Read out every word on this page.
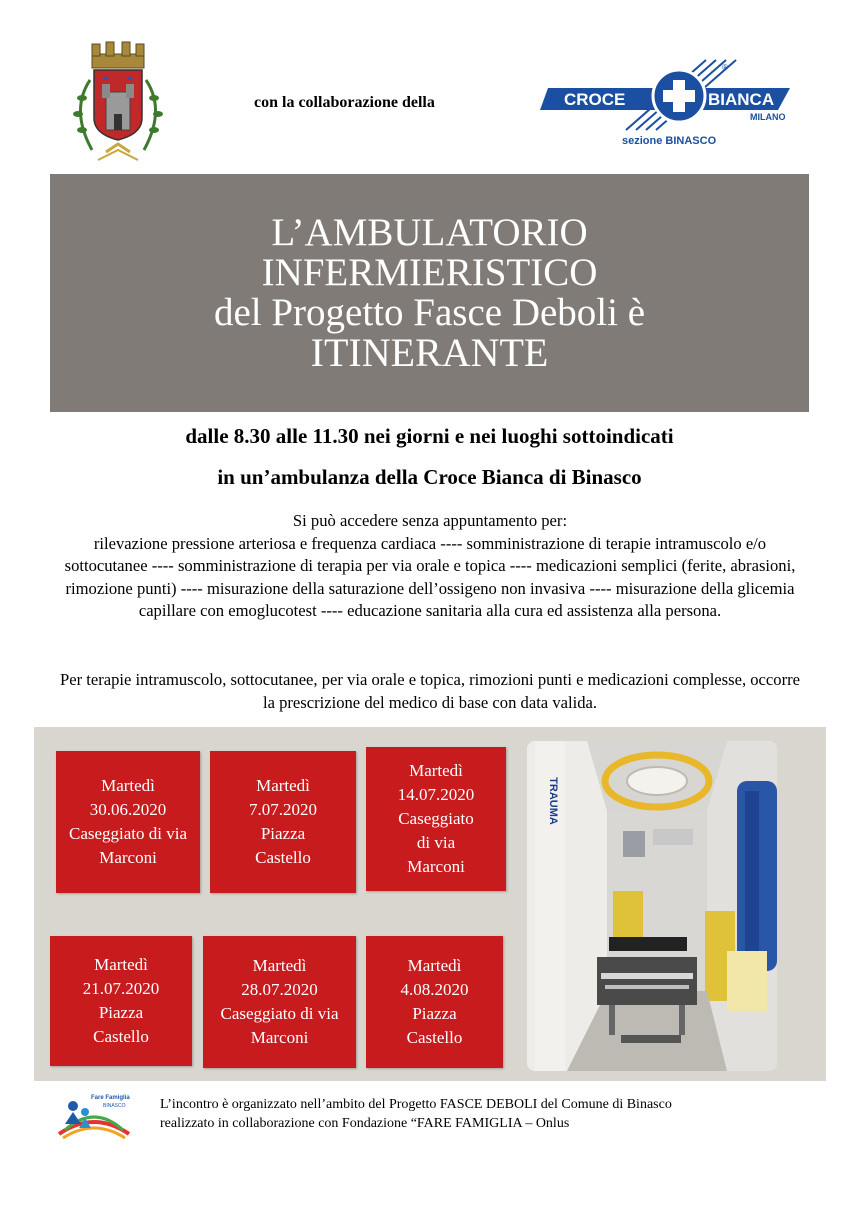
con la collaborazione della	CROCE	BIANCA
MILANO
®
sezione BINASCO
L’AMBULATORIO
INFERMIERISTICO
del Progetto Fasce Deboli è
ITINERANTE
dalle 8.30 alle 11.30 nei giorni e nei luoghi sottoindicati
in un’ambulanza della Croce Bianca di Binasco
Si può accedere senza appuntamento per:
rilevazione pressione arteriosa e frequenza cardiaca ---- somministrazione di terapie intramuscolo e/o sottocutanee ---- somministrazione di terapia per via orale e topica ---- medicazioni semplici (ferite, abrasioni, rimozione punti) ---- misurazione della saturazione dell’ossigeno non invasiva ---- misurazione della glicemia capillare con emoglucotest ---- educazione sanitaria alla cura ed assistenza alla persona.
Per terapie intramuscolo, sottocutanee, per via orale e topica, rimozioni punti e medicazioni complesse, occorre la prescrizione del medico di base con data valida.
Martedì
30.06.2020
Caseggiato di via Marconi
Martedì
7.07.2020
Piazza Castello
Martedì
14.07.2020
Caseggiato di via Marconi
Martedì
21.07.2020
Piazza Castello
Martedì
28.07.2020
Caseggiato di via Marconi
Martedì
4.08.2020
Piazza Castello
TRAUMA
Fare Famiglia
BINASCO L’incontro è organizzato nell’ambito del Progetto FASCE DEBOLI del Comune di Binasco
realizzato in collaborazione con Fondazione “FARE FAMIGLIA – Onlus
